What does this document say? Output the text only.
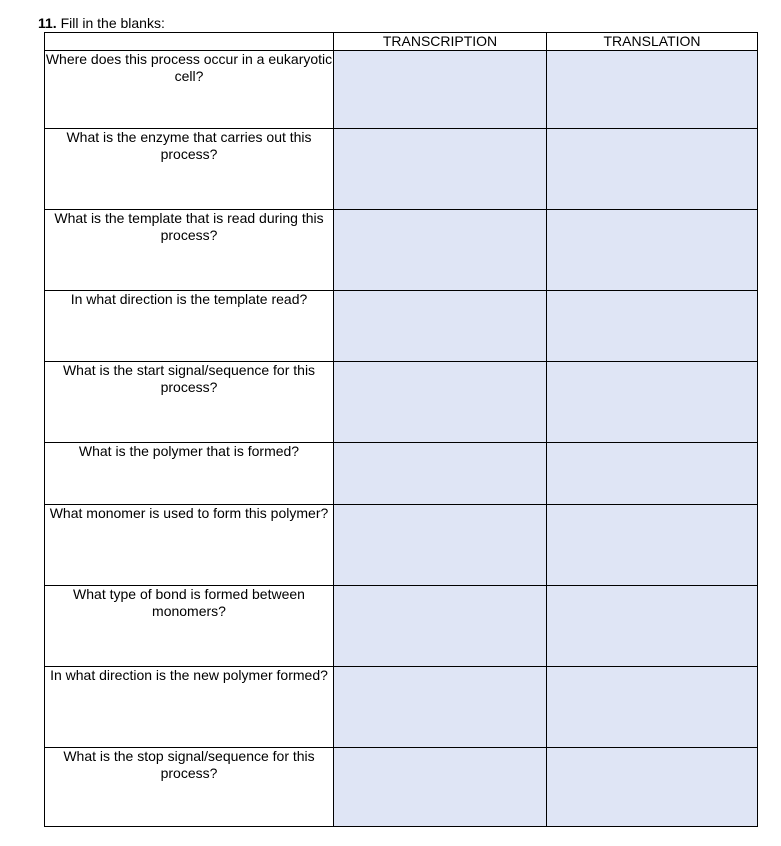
11. Fill in the blanks:
	TRANSCRIPTION	TRANSLATION
Where does this process occur in a eukaryotic cell?		
What is the enzyme that carries out this process?		
What is the template that is read during this process?		
In what direction is the template read?		
What is the start signal/sequence for this process?		
What is the polymer that is formed?		
What monomer is used to form this polymer?		
What type of bond is formed between monomers?		
In what direction is the new polymer formed?		
What is the stop signal/sequence for this process?		
